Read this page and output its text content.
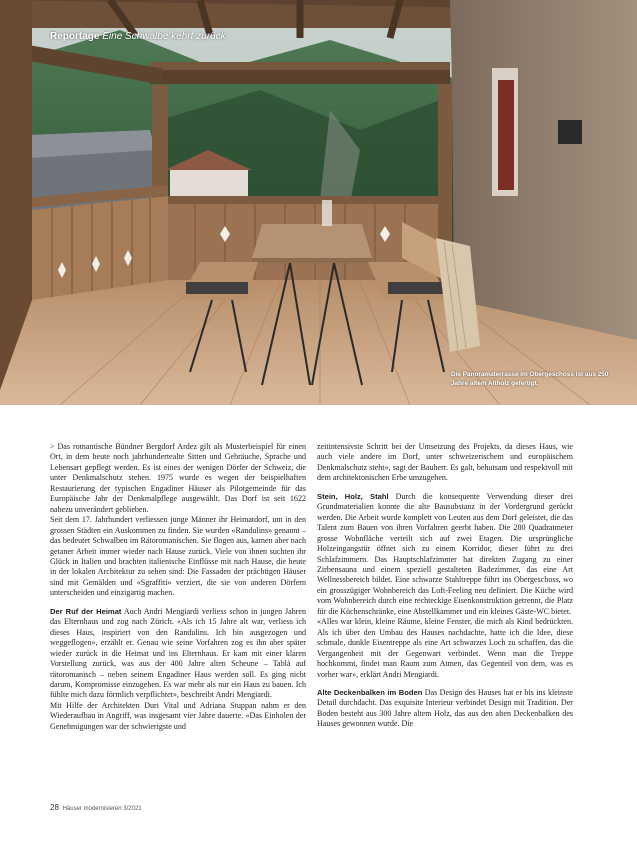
Reportage Eine Schwalbe kehrt zurück
Die Panoramaterrasse im Obergeschoss ist aus 250 Jahre altem Altholz gefertigt.

> Das romantische Bündner Bergdorf Ardez gilt als Musterbeispiel für einen Ort, in dem heute noch jahrhundertealte Sitten und Gebräuche, Sprache und Lebensart gepflegt werden. Es ist eines der wenigen Dörfer der Schweiz, die unter Denkmalschutz stehen. 1975 wurde es wegen der beispielhaften Restaurierung der typischen Engadiner Häuser als Pilotgemeinde für das Europäische Jahr der Denkmalpflege ausgewählt. Das Dorf ist seit 1622 nahezu unverändert geblieben.

Seit dem 17. Jahrhundert verliessen junge Männer ihr Heimatdorf, um in den grossen Städten ein Auskommen zu finden. Sie wurden «Randulins» genannt – das bedeutet Schwalben im Rätoromanischen. Sie flogen aus, kamen aber nach getaner Arbeit immer wieder nach Hause zurück. Viele von ihnen suchten ihr Glück in Italien und brachten italienische Einflüsse mit nach Hause, die heute in der lokalen Architektur zu sehen sind: Die Fassaden der prächtigen Häuser sind mit Gemälden und «Sgraffiti» verziert, die sie von anderen Dörfern unterscheiden und einzigartig machen.

Der Ruf der Heimat Auch Andri Mengiardi verliess schon in jungen Jahren das Elternhaus und zog nach Zürich. «Als ich 15 Jahre alt war, verliess ich dieses Haus, inspiriert von den Randulins. Ich bin ausgezogen und weggeflogen», erzählt er. Genau wie seine Vorfahren zog es ihn aber später wieder zurück in die Heimat und ins Elternhaus. Er kam mit einer klaren Vorstellung zurück, was aus der 400 Jahre alten Scheune – Tablà auf rätoromanisch – neben seinem Engadiner Haus werden soll. Es ging nicht darum, Kompromisse einzugehen. Es war mehr als nur ein Haus zu bauen. Ich fühlte mich dazu förmlich verpflichtet», beschreibt Andri Mengiardi.

Mit Hilfe der Architekten Duri Vital und Adriana Stuppan nahm er den Wiederaufbau in Angriff, was insgesamt vier Jahre dauerte. «Das Einholen der Genehmigungen war der schwierigste und

zeitintensivste Schritt bei der Umsetzung des Projekts, da dieses Haus, wie auch viele andere im Dorf, unter schweizerischem und europäischem Denkmalschutz steht», sagt der Bauherr. Es galt, behutsam und respektvoll mit dem architektonischen Erbe umzugehen.

Stein, Holz, Stahl Durch die konsequente Verwendung dieser drei Grundmaterialien konnte die alte Bausubstanz in der Vordergrund gerückt werden. Die Arbeit wurde komplett von Leuten aus dem Dorf geleistet, die das Talent zum Bauen von ihren Vorfahren geerbt haben. Die 280 Quadratmeter grosse Wohnfläche verteilt sich auf zwei Etagen. Die ursprüngliche Holzeingangstür öffnet sich zu einem Korridor, dieser führt zu drei Schlafzimmern. Das Hauptschlafzimmer hat direkten Zugang zu einer Zirbensauna und einem speziell gestalteten Badezimmer, das eine Art Wellnessbereich bildet. Eine schwarze Stahltreppe führt ins Obergeschoss, wo ein grosszügiger Wohnbereich das Loft-Feeling neu definiert. Die Küche wird vom Wohnbereich durch eine rechteckige Eisenkonstruktion getrennt, die Platz für die Küchenschränke, eine Abstellkammer und ein kleines Gäste-WC bietet.

«Alles war klein, kleine Räume, kleine Fenster, die mich als Kind bedrückten. Als ich über den Umbau des Hauses nachdachte, hatte ich die Idee, diese schmale, dunkle Eisentreppe als eine Art schwarzes Loch zu schaffen, das die Vergangenheit mit der Gegenwart verbindet. Wenn man die Treppe hochkommt, findet man Raum zum Atmen, das Gegenteil von dem, was es vorher war», erklärt Andri Mengiardi.

Alte Deckenbalken im Boden Das Design des Hauses hat er bis ins kleinste Detail durchdacht. Das exquisite Interieur verbindet Design mit Tradition. Der Boden besteht aus 300 Jahre altem Holz, das aus den alten Deckenbalken des Hauses gewonnen wurde. Die

28 Häuser modernisieren 3/2021
